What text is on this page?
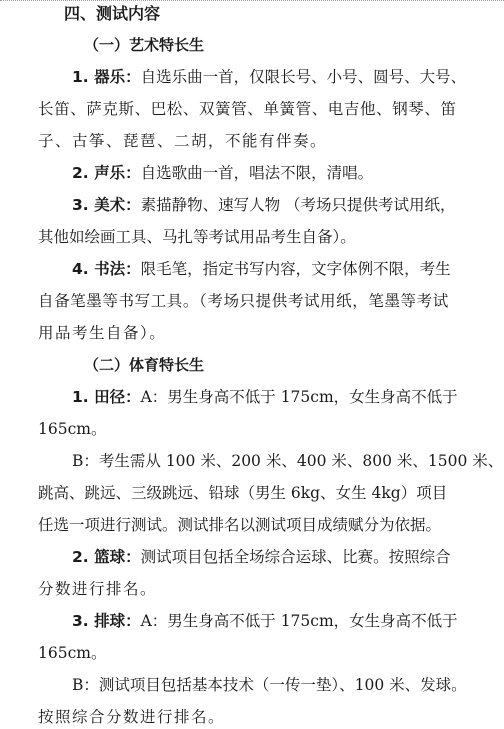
四、测试内容
（一）艺术特长生
1. 器乐：自选乐曲一首，仅限长号、小号、圆号、大号、
长笛、萨克斯、巴松、双簧管、单簧管、电吉他、钢琴、笛
子、古筝、琵琶、二胡，不能有伴奏。
2. 声乐：自选歌曲一首，唱法不限，清唱。
3. 美术：素描静物、速写人物 （考场只提供考试用纸，
其他如绘画工具、马扎等考试用品考生自备）。
4. 书法：限毛笔，指定书写内容，文字体例不限，考生
自备笔墨等书写工具。（考场只提供考试用纸，笔墨等考试
用品考生自备）。
（二）体育特长生
1. 田径：A：男生身高不低于 175cm，女生身高不低于
165cm。
B：考生需从 100 米、200 米、400 米、800 米、1500 米、
跳高、跳远、三级跳远、铅球（男生 6kg、女生 4kg）项目
任选一项进行测试。测试排名以测试项目成绩赋分为依据。
2. 篮球：测试项目包括全场综合运球、比赛。按照综合
分数进行排名。
3. 排球：A：男生身高不低于 175cm，女生身高不低于
165cm。
B：测试项目包括基本技术（一传一垫）、100 米、发球。
按照综合分数进行排名。
